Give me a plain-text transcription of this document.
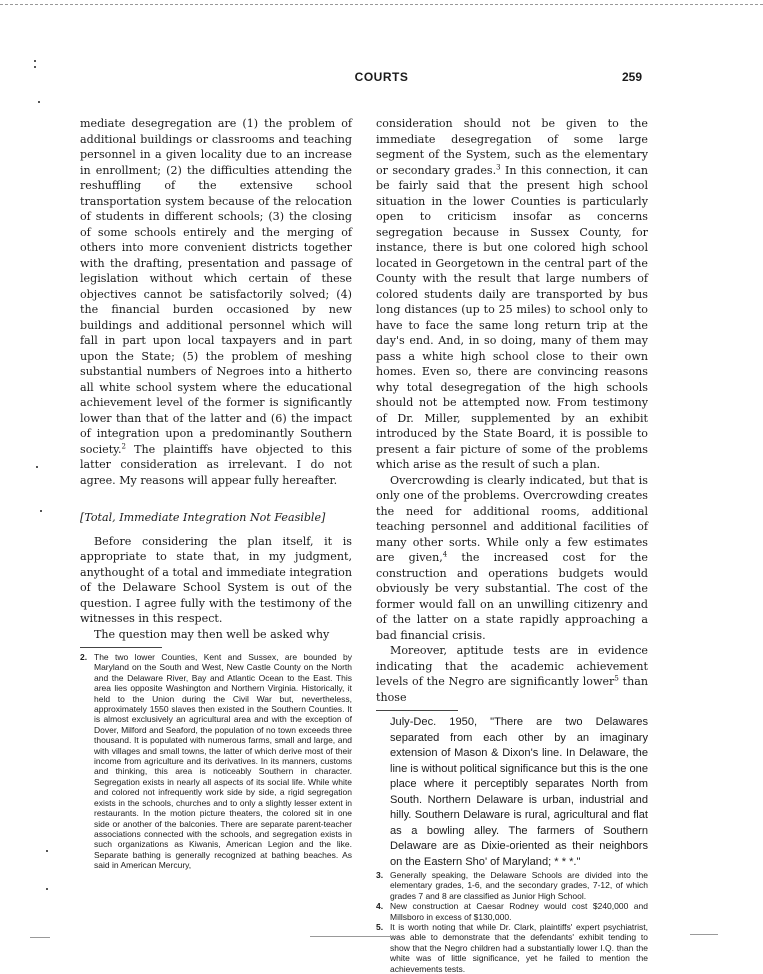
COURTS	259

mediate desegregation are (1) the problem of additional buildings or classrooms and teaching personnel in a given locality due to an increase in enrollment; (2) the difficulties attending the reshuffling of the extensive school transportation system because of the relocation of students in different schools; (3) the closing of some schools entirely and the merging of others into more convenient districts together with the drafting, presentation and passage of legislation without which certain of these objectives cannot be satisfactorily solved; (4) the financial burden occasioned by new buildings and additional personnel which will fall in part upon local taxpayers and in part upon the State; (5) the problem of meshing substantial numbers of Negroes into a hitherto all white school system where the educational achievement level of the former is significantly lower than that of the latter and (6) the impact of integration upon a predominantly Southern society.$^2$ The plaintiffs have objected to this latter consideration as irrelevant. I do not agree. My reasons will appear fully hereafter.

[Total, Immediate Integration Not Feasible]

Before considering the plan itself, it is appropriate to state that, in my judgment, anythought of a total and immediate integration of the Delaware School System is out of the question. I agree fully with the testimony of the witnesses in this respect.

The question may then well be asked why

2. The two lower Counties, Kent and Sussex, are bounded by Maryland on the South and West, New Castle County on the North and the Delaware River, Bay and Atlantic Ocean to the East. This area lies opposite Washington and Northern Virginia. Historically, it held to the Union during the Civil War but, nevertheless, approximately 1550 slaves then existed in the Southern Counties. It is almost exclusively an agricultural area and with the exception of Dover, Milford and Seaford, the population of no town exceeds three thousand. It is populated with numerous farms, small and large, and with villages and small towns, the latter of which derive most of their income from agriculture and its derivatives. In its manners, customs and thinking, this area is noticeably Southern in character. Segregation exists in nearly all aspects of its social life. While white and colored not infrequently work side by side, a rigid segregation exists in the schools, churches and to only a slightly lesser extent in restaurants. In the motion picture theaters, the colored sit in one side or another of the balconies. There are separate parent-teacher associations connected with the schools, and segregation exists in such organizations as Kiwanis, American Legion and the like. Separate bathing is generally recognized at bathing beaches. As said in American Mercury,

consideration should not be given to the immediate desegregation of some large segment of the System, such as the elementary or secondary grades.$^3$ In this connection, it can be fairly said that the present high school situation in the lower Counties is particularly open to criticism insofar as concerns segregation because in Sussex County, for instance, there is but one colored high school located in Georgetown in the central part of the County with the result that large numbers of colored students daily are transported by bus long distances (up to 25 miles) to school only to have to face the same long return trip at the day's end. And, in so doing, many of them may pass a white high school close to their own homes. Even so, there are convincing reasons why total desegregation of the high schools should not be attempted now. From testimony of Dr. Miller, supplemented by an exhibit introduced by the State Board, it is possible to present a fair picture of some of the problems which arise as the result of such a plan.

Overcrowding is clearly indicated, but that is only one of the problems. Overcrowding creates the need for additional rooms, additional teaching personnel and additional facilities of many other sorts. While only a few estimates are given,$^4$ the increased cost for the construction and operations budgets would obviously be very substantial. The cost of the former would fall on an unwilling citizenry and of the latter on a state rapidly approaching a bad financial crisis.

Moreover, aptitude tests are in evidence indicating that the academic achievement levels of the Negro are significantly lower$^5$ than those

July-Dec. 1950, "There are two Delawares separated from each other by an imaginary extension of Mason & Dixon's line. In Delaware, the line is without political significance but this is the one place where it perceptibly separates North from South. Northern Delaware is urban, industrial and hilly. Southern Delaware is rural, agricultural and flat as a bowling alley. The farmers of Southern Delaware are as Dixie-oriented as their neighbors on the Eastern Sho' of Maryland; * * *."

3. Generally speaking, the Delaware Schools are divided into the elementary grades, 1-6, and the secondary grades, 7-12, of which grades 7 and 8 are classified as Junior High School.
4. New construction at Caesar Rodney would cost $240,000 and Millsboro in excess of $130,000.
5. It is worth noting that while Dr. Clark, plaintiffs' expert psychiatrist, was able to demonstrate that the defendants' exhibit tending to show that the Negro children had a substantially lower I.Q. than the white was of little significance, yet he failed to mention the achievements tests.
